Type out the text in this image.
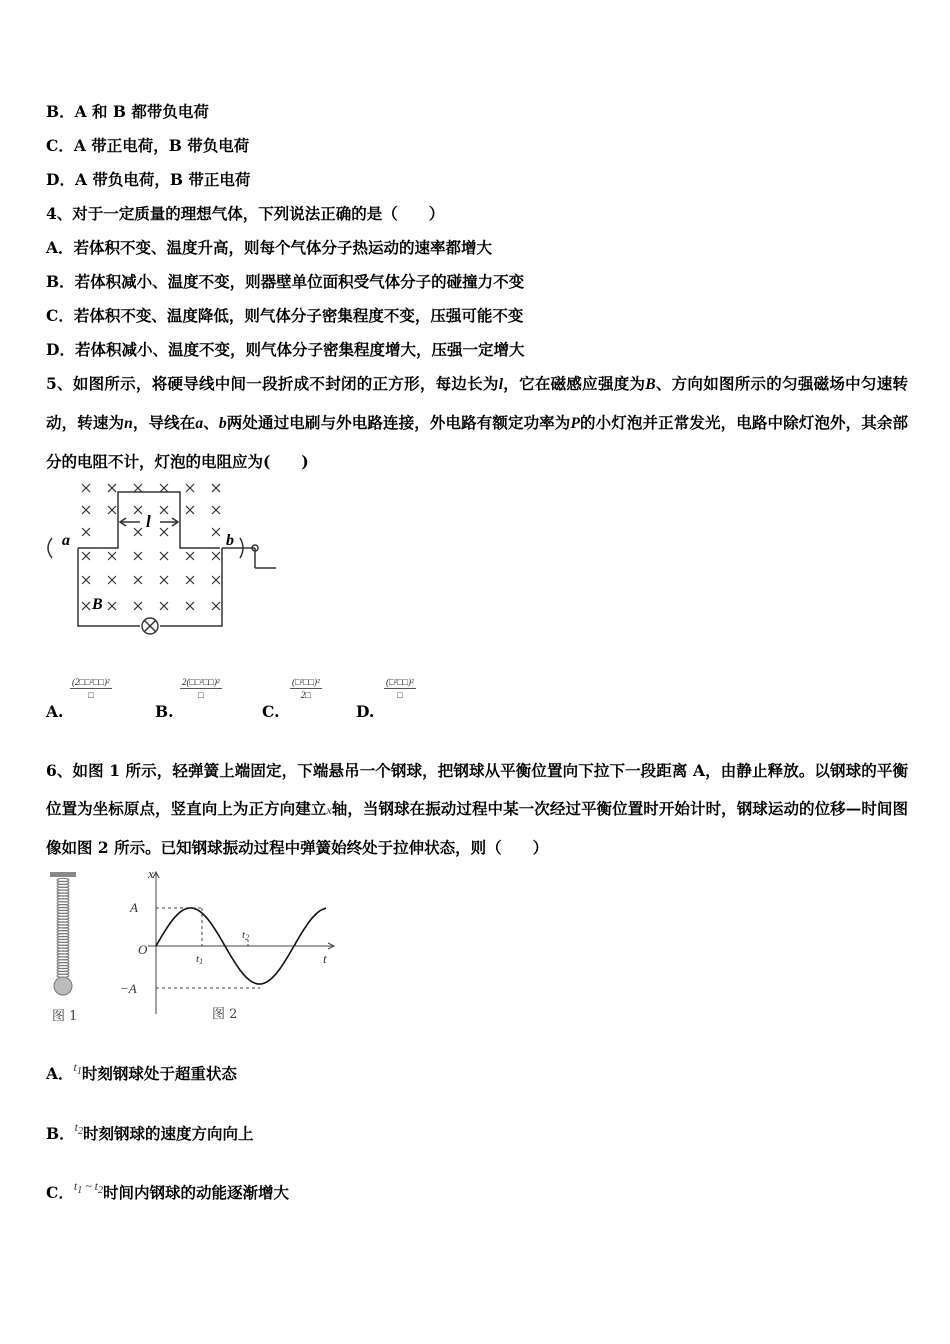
B．A 和 B 都带负电荷
C．A 带正电荷，B 带负电荷
D．A 带负电荷，B 带正电荷
4、对于一定质量的理想气体，下列说法正确的是（　　）
A．若体积不变、温度升高，则每个气体分子热运动的速率都增大
B．若体积减小、温度不变，则器壁单位面积受气体分子的碰撞力不变
C．若体积不变、温度降低，则气体分子密集程度不变，压强可能不变
D．若体积减小、温度不变，则气体分子密集程度增大，压强一定增大
5、如图所示，将硬导线中间一段折成不封闭的正方形，每边长为l，它在磁感应强度为B、方向如图所示的匀强磁场中匀速转动，转速为n，导线在a、b两处通过电刷与外电路连接，外电路有额定功率为P的小灯泡并正常发光，电路中除灯泡外，其余部分的电阻不计，灯泡的电阻应为(　　)
a	b
l
B
A.
(2□□²□□)²
□
B.
2(□□²□□)²
□
C.
(□²□□)²
2□
D.
(□²□□)²
□
6、如图 1 所示，轻弹簧上端固定，下端悬吊一个钢球，把钢球从平衡位置向下拉下一段距离 A，由静止释放。以钢球的平衡位置为坐标原点，竖直向上为正方向建立x轴，当钢球在振动过程中某一次经过平衡位置时开始计时，钢球运动的位移—时间图像如图 2 所示。已知钢球振动过程中弹簧始终处于拉伸状态，则（　　）
图 1
x
t
A
−A
O
t1
t2
图 2
A．$^{t_1}$时刻钢球处于超重状态
B．$^{t_2}$时刻钢球的速度方向向上
C．$^{t_1 \sim t_2}$时间内钢球的动能逐渐增大
